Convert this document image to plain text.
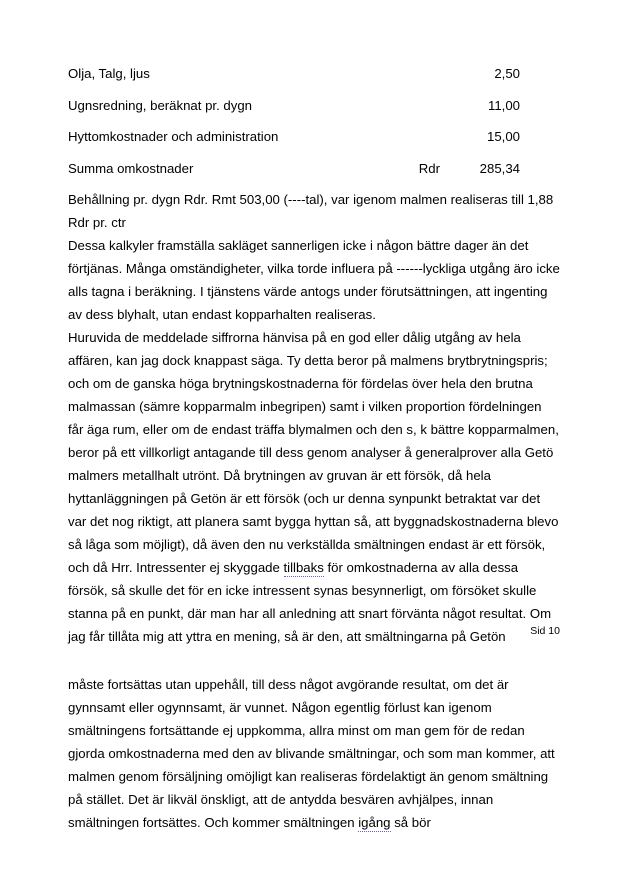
Olja, Talg, ljus		2,50
Ugnsredning, beräknat pr. dygn		11,00
Hyttomkostnader och administration		15,00
Summa omkostnader	Rdr	285,34

Behållning pr. dygn Rdr. Rmt 503,00 (----tal), var igenom malmen realiseras till 1,88 Rdr pr. ctr

Dessa kalkyler framställa sakläget sannerligen icke i någon bättre dager än det förtjänas. Många omständigheter, vilka torde influera på ------lyckliga utgång äro icke alls tagna i beräkning. I tjänstens värde antogs under förutsättningen, att ingenting av dess blyhalt, utan endast kopparhalten realiseras.

Huruvida de meddelade siffrorna hänvisa på en god eller dålig utgång av hela affären, kan jag dock knappast säga. Ty detta beror på malmens brytbrytningspris; och om de ganska höga brytningskostnaderna för fördelas över hela den brutna malmassan (sämre kopparmalm inbegripen) samt i vilken proportion fördelningen får äga rum, eller om de endast träffa blymalmen och den s, k bättre kopparmalmen, beror på ett villkorligt antagande till dess genom analyser å generalprover alla Getö malmers metallhalt utrönt. Då brytningen av gruvan är ett försök, då hela hyttanläggningen på Getön är ett försök (och ur denna synpunkt betraktat var det var det nog riktigt, att planera samt bygga hyttan så, att byggnadskostnaderna blevo så låga som möjligt), då även den nu verkställda smältningen endast är ett försök, och då Hrr. Intressenter ej skyggade tillbaks för omkostnaderna av alla dessa försök, så skulle det för en icke intressent synas besynnerligt, om försöket skulle stanna på en punkt, där man har all anledning att snart förvänta något resultat. Om jag får tillåta mig att yttra en mening, så är den, att smältningarna på Getön	Sid 10

måste fortsättas utan uppehåll, till dess något avgörande resultat, om det är gynnsamt eller ogynnsamt, är vunnet. Någon egentlig förlust kan igenom smältningens fortsättande ej uppkomma, allra minst om man gem för de redan gjorda omkostnaderna med den av blivande smältningar, och som man kommer, att malmen genom försäljning omöjligt kan realiseras fördelaktigt än genom smältning på stället. Det är likväl önskligt, att de antydda besvären avhjälpes, innan smältningen fortsättes. Och kommer smältningen igång så bör
